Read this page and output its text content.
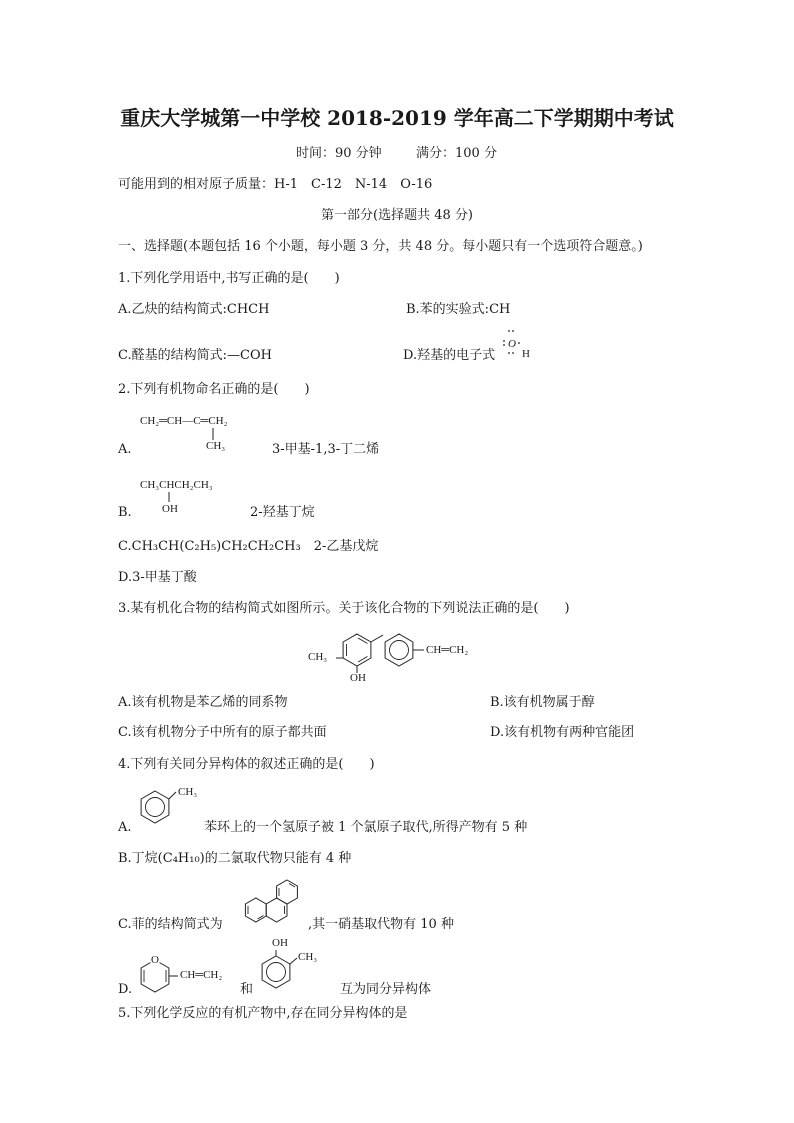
重庆大学城第一中学校 2018-2019 学年高二下学期期中考试
时间：90 分钟	满分：100 分
可能用到的相对原子质量：H-1　C-12　N-14　O-16
第一部分(选择题共 48 分)
一、选择题(本题包括 16 个小题，每小题 3 分，共 48 分。每小题只有一个选项符合题意。)
1.下列化学用语中,书写正确的是(　　)
A.乙炔的结构简式:CHCH	B.苯的实验式:CH
C.醛基的结构简式:—COH	D.羟基的电子式
O
H
2.下列有机物命名正确的是(　　)
CH₂═CH—C═CH₂
CH₃
A.	3-甲基-1,3-丁二烯
CH₃CHCH₂CH₃
OH
B.	2-羟基丁烷
C.CH₃CH(C₂H₅)CH₂CH₂CH₃　2-乙基戊烷
D.3-甲基丁酸
3.某有机化合物的结构简式如图所示。关于该化合物的下列说法正确的是(　　)
CH₃
OH
CH═CH₂
A.该有机物是苯乙烯的同系物	B.该有机物属于醇
C.该有机物分子中所有的原子都共面	D.该有机物有两种官能团
4.下列有关同分异构体的叙述正确的是(　　)
CH₃
A.	苯环上的一个氢原子被 1 个氯原子取代,所得产物有 5 种
B.丁烷(C₄H₁₀)的二氯取代物只能有 4 种
C.菲的结构简式为	,其一硝基取代物有 10 种
D.
O
CH═CH₂
和
OH
CH₃
互为同分异构体
5.下列化学反应的有机产物中,存在同分异构体的是
